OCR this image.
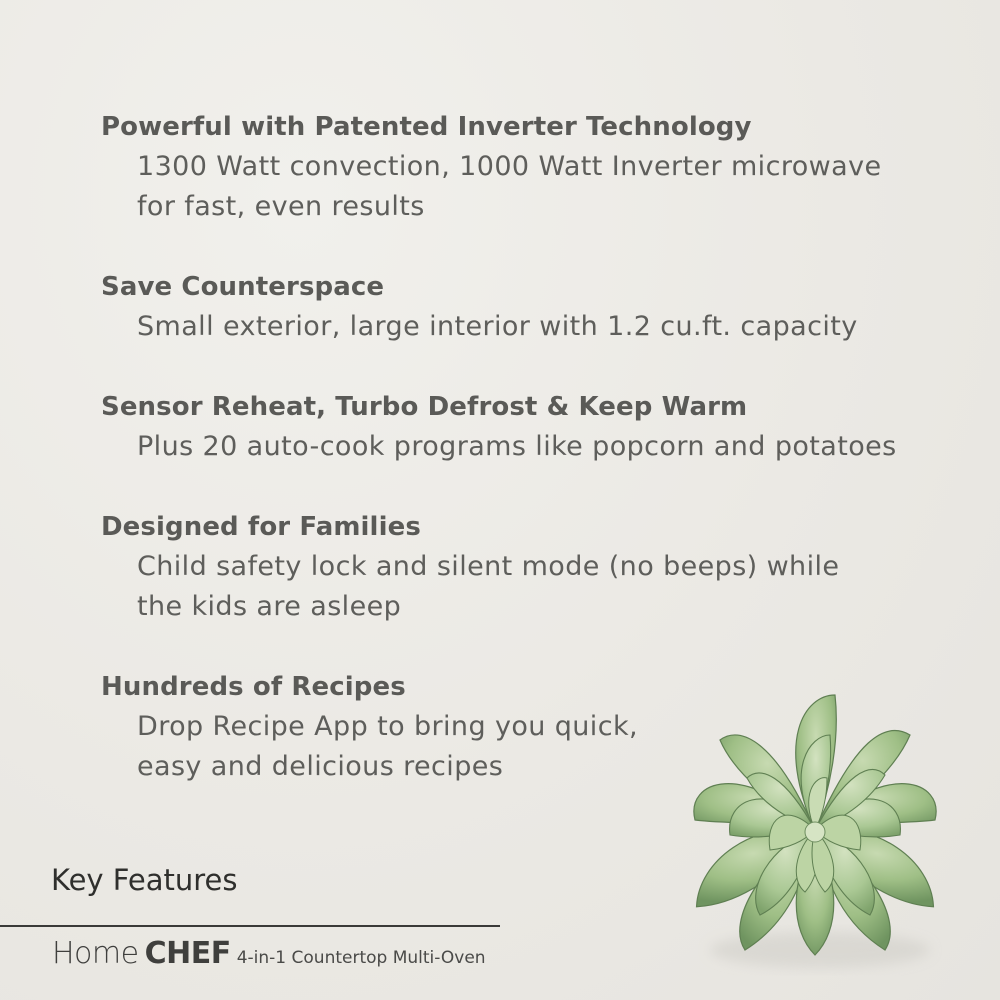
Powerful with Patented Inverter Technology
1300 Watt convection, 1000 Watt Inverter microwave
for fast, even results
Save Counterspace
Small exterior, large interior with 1.2 cu.ft. capacity
Sensor Reheat, Turbo Defrost & Keep Warm
Plus 20 auto-cook programs like popcorn and potatoes
Designed for Families
Child safety lock and silent mode (no beeps) while
the kids are asleep
Hundreds of Recipes
Drop Recipe App to bring you quick,
easy and delicious recipes
Key Features
Home CHEF 4-in-1 Countertop Multi-Oven
